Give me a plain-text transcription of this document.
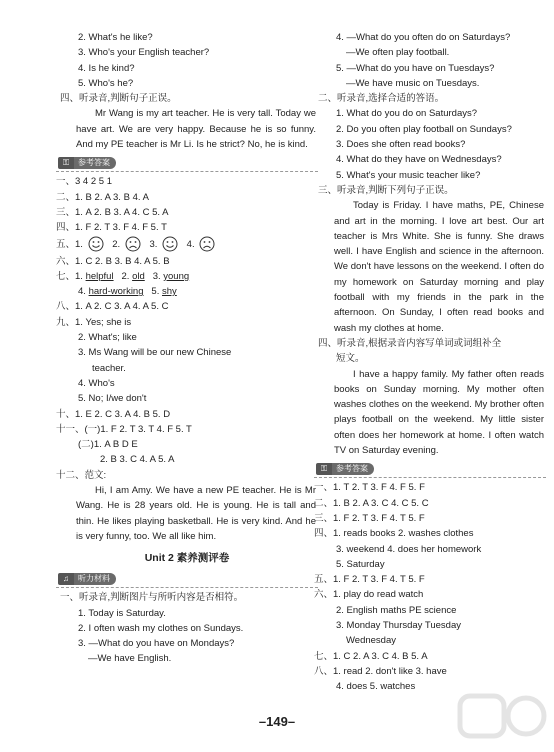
2. What's he like?
3. Who's your English teacher?
4. Is he kind?
5. Who's he?
四、听录音,判断句子正误。

Mr Wang is my art teacher. He is very tall. Today we have art. We are very happy. Because he is so funny. And my PE teacher is Mr Li. Is he strict? No, he is kind.

⚿	参考答案
一、3 4 2 5 1
二、1. B 2. A 3. B 4. A
三、1. A 2. B 3. A 4. C 5. A
四、1. F 2. T 3. F 4. F 5. T
五、1.	2.	3.	4.
六、1. C 2. B 3. B 4. A 5. B
七、1. helpful 2. old 3. young
4. hard-working 5. shy
八、1. A 2. C 3. A 4. A 5. C
九、1. Yes; she is
2. What's; like
3. Ms Wang will be our new Chinese
teacher.
4. Who's
5. No; I/we don't
十、1. E 2. C 3. A 4. B 5. D
十一、(一)1. F 2. T 3. T 4. F 5. T
(二)1. A B D E
2. B 3. C 4. A 5. A
十二、范文:

Hi, I am Amy. We have a new PE teacher. He is Mr Wang. He is 28 years old. He is young. He is tall and thin. He likes playing basketball. He is very kind. And he is very funny, too. We all like him.

Unit 2 素养测评卷
♫	听力材料
一、听录音,判断图片与所听内容是否相符。
1. Today is Saturday.
2. I often wash my clothes on Sundays.
3. —What do you have on Mondays?
—We have English.
4. —What do you often do on Saturdays?
—We often play football.
5. —What do you have on Tuesdays?
—We have music on Tuesdays.
二、听录音,选择合适的答语。
1. What do you do on Saturdays?
2. Do you often play football on Sundays?
3. Does she often read books?
4. What do they have on Wednesdays?
5. What's your music teacher like?
三、听录音,判断下列句子正误。

Today is Friday. I have maths, PE, Chinese and art in the morning. I love art best. Our art teacher is Mrs White. She is funny. She draws well. I have English and science in the afternoon. We don't have lessons on the weekend. I often do my homework on Saturday morning and play football with my friends in the park in the afternoon. On Sunday, I often read books and wash my clothes at home.

四、听录音,根据录音内容写单词或词组补全
短文。

I have a happy family. My father often reads books on Sunday morning. My mother often washes clothes on the weekend. My brother often plays football on the weekend. My little sister often does her homework at home. I often watch TV on Saturday evening.

⚿	参考答案
一、1. T 2. T 3. F 4. F 5. F
二、1. B 2. A 3. C 4. C 5. C
三、1. F 2. T 3. F 4. T 5. F
四、1. reads books 2. washes clothes
3. weekend 4. does her homework
5. Saturday
五、1. F 2. T 3. F 4. T 5. F
六、1. play do read watch
2. English maths PE science
3. Monday Thursday Tuesday
Wednesday
七、1. C 2. A 3. C 4. B 5. A
八、1. read 2. don't like 3. have
4. does 5. watches
–149–
